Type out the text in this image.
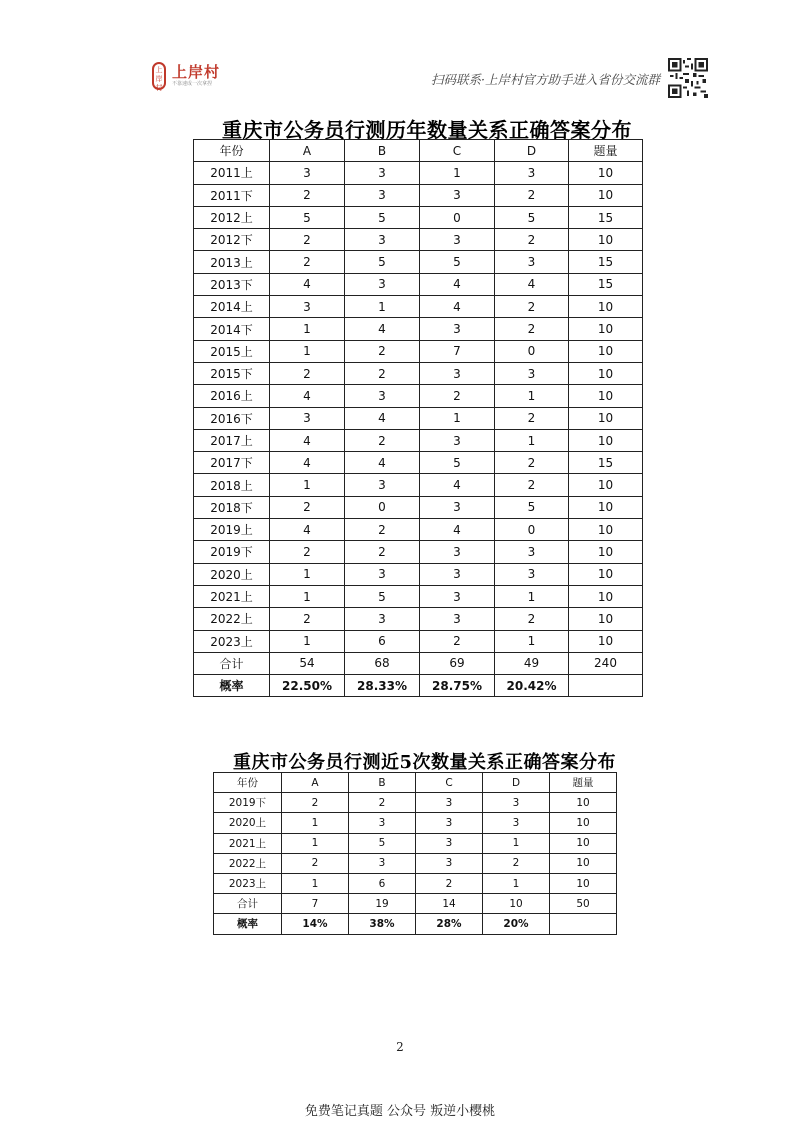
上岸村
上岸村
不靠速成一次拿捏	扫码联系·上岸村官方助手进入省份交流群
重庆市公务员行测历年数量关系正确答案分布
年份	A	B	C	D	题量
2011上	3	3	1	3	10
2011下	2	3	3	2	10
2012上	5	5	0	5	15
2012下	2	3	3	2	10
2013上	2	5	5	3	15
2013下	4	3	4	4	15
2014上	3	1	4	2	10
2014下	1	4	3	2	10
2015上	1	2	7	0	10
2015下	2	2	3	3	10
2016上	4	3	2	1	10
2016下	3	4	1	2	10
2017上	4	2	3	1	10
2017下	4	4	5	2	15
2018上	1	3	4	2	10
2018下	2	0	3	5	10
2019上	4	2	4	0	10
2019下	2	2	3	3	10
2020上	1	3	3	3	10
2021上	1	5	3	1	10
2022上	2	3	3	2	10
2023上	1	6	2	1	10
合计	54	68	69	49	240
概率	22.50%	28.33%	28.75%	20.42%	
重庆市公务员行测近5次数量关系正确答案分布
年份	A	B	C	D	题量
2019下	2	2	3	3	10
2020上	1	3	3	3	10
2021上	1	5	3	1	10
2022上	2	3	3	2	10
2023上	1	6	2	1	10
合计	7	19	14	10	50
概率	14%	38%	28%	20%	
2
免费笔记真题 公众号 叛逆小樱桃
